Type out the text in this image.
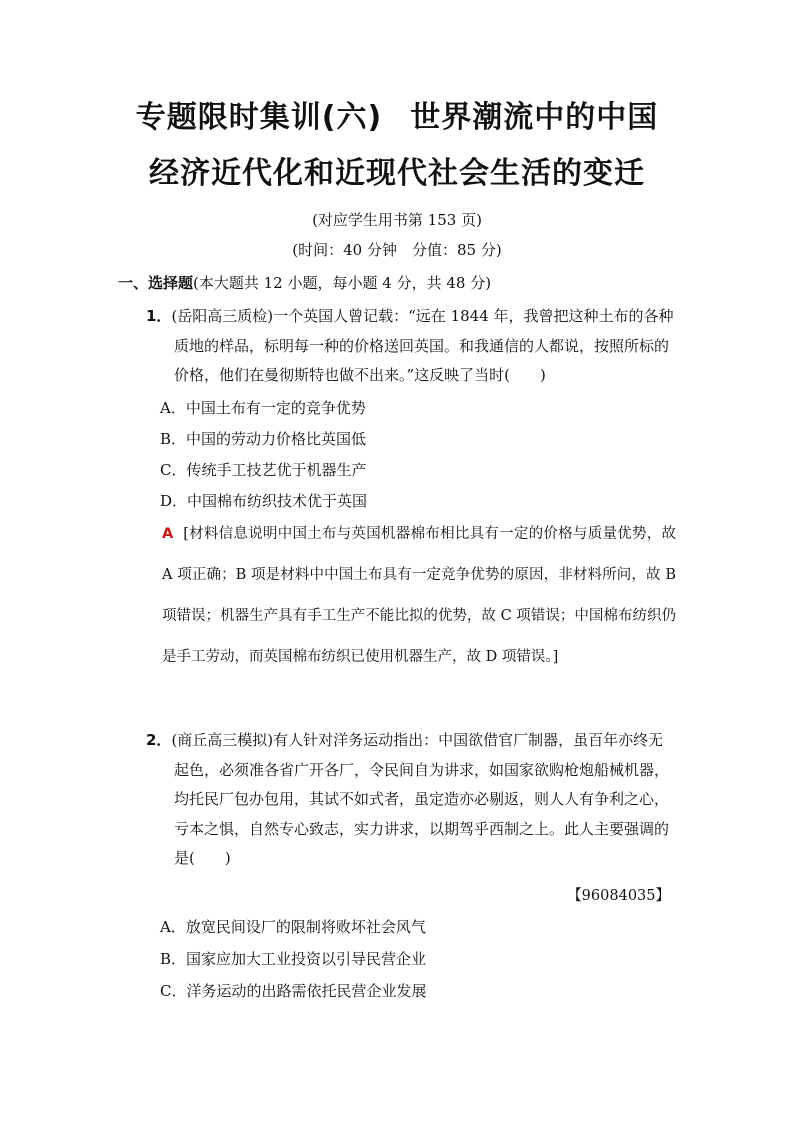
专题限时集训(六) 世界潮流中的中国
经济近代化和近现代社会生活的变迁
(对应学生用书第 153 页)
(时间：40 分钟　分值：85 分)
一、选择题(本大题共 12 小题，每小题 4 分，共 48 分)

1．(岳阳高三质检)一个英国人曾记载：“远在 1844 年，我曾把这种土布的各种质地的样品，标明每一种的价格送回英国。和我通信的人都说，按照所标的价格，他们在曼彻斯特也做不出来。”这反映了当时(　　)

A．中国土布有一定的竞争优势
B．中国的劳动力价格比英国低
C．传统手工技艺优于机器生产
D．中国棉布纺织技术优于英国
A [材料信息说明中国土布与英国机器棉布相比具有一定的价格与质量优势，故 A 项正确；B 项是材料中中国土布具有一定竞争优势的原因，非材料所问，故 B 项错误；机器生产具有手工生产不能比拟的优势，故 C 项错误；中国棉布纺织仍是手工劳动，而英国棉布纺织已使用机器生产，故 D 项错误。]

2．(商丘高三模拟)有人针对洋务运动指出：中国欲借官厂制器，虽百年亦终无起色，必须准各省广开各厂，令民间自为讲求，如国家欲购枪炮船械机器，均托民厂包办包用，其试不如式者，虽定造亦必剔返，则人人有争利之心，亏本之惧，自然专心致志，实力讲求，以期驾乎西制之上。此人主要强调的是(　　)

【96084035】
A．放宽民间设厂的限制将败坏社会风气
B．国家应加大工业投资以引导民营企业
C．洋务运动的出路需依托民营企业发展
